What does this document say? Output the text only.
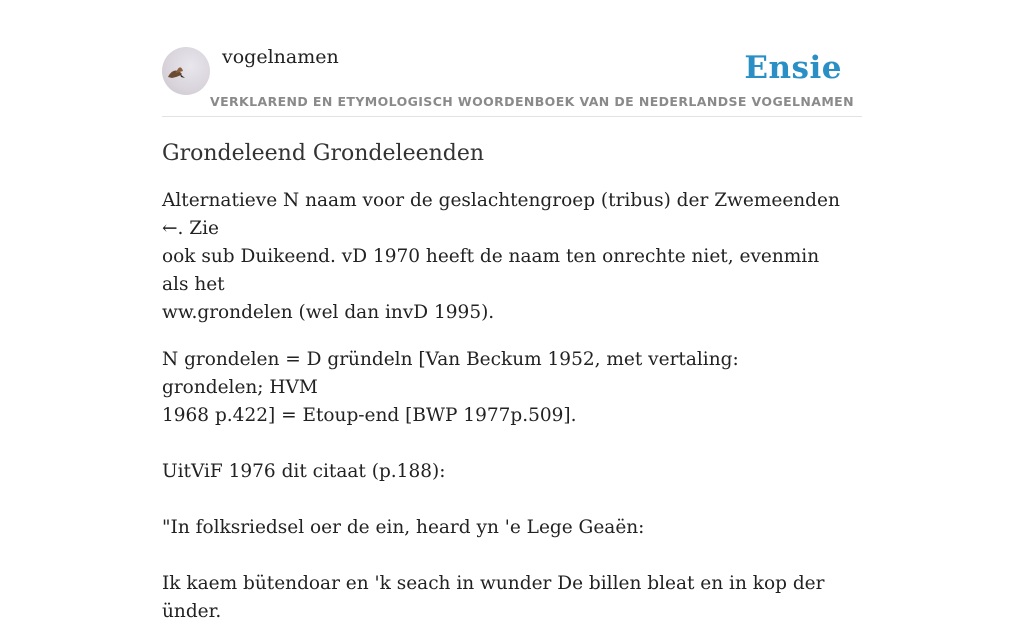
vogelnamen	Ensie
VERKLAREND EN ETYMOLOGISCH WOORDENBOEK VAN DE NEDERLANDSE VOGELNAMEN
Grondeleend Grondeleenden

Alternatieve N naam voor de geslachtengroep (tribus) der Zwemeenden ←. Zie
ook sub Duikeend. vD 1970 heeft de naam ten onrechte niet, evenmin als het
ww.grondelen (wel dan invD 1995).

N grondelen = D gründeln [Van Beckum 1952, met vertaling: grondelen; HVM
1968 p.422] = Etoup-end [BWP 1977p.509].
UitViF 1976 dit citaat (p.188):
"In folksriedsel oer de ein, heard yn 'e Lege Geaën:
Ik kaem bütendoar en 'k seach in wunder De billen bleat en in kop der ünder.
